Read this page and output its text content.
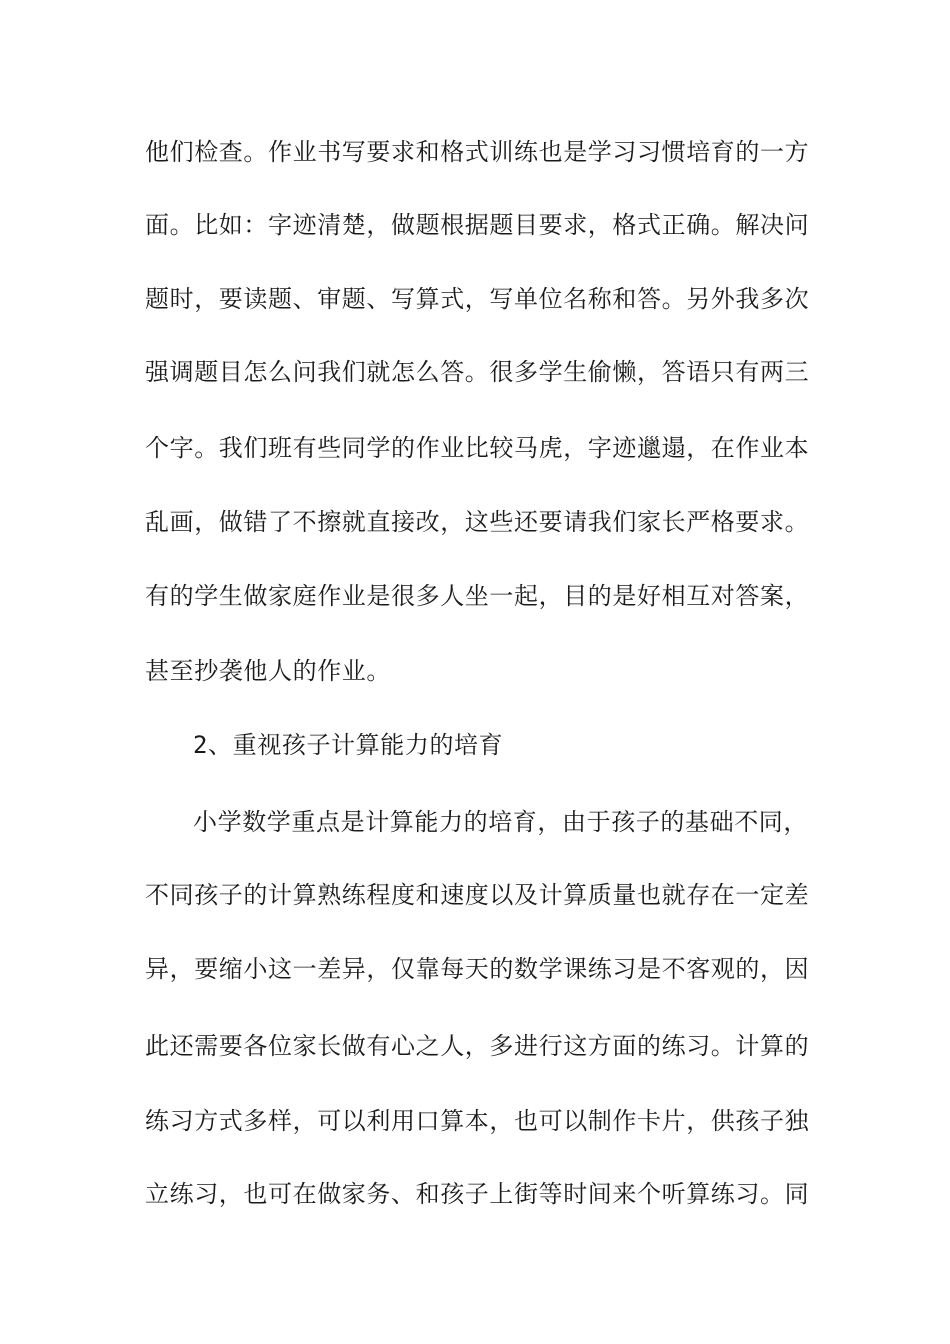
他们检查。作业书写要求和格式训练也是学习习惯培育的一方
面。比如：字迹清楚，做题根据题目要求，格式正确。解决问
题时，要读题、审题、写算式，写单位名称和答。另外我多次
强调题目怎么问我们就怎么答。很多学生偷懒，答语只有两三
个字。我们班有些同学的作业比较马虎，字迹邋遢，在作业本
乱画，做错了不擦就直接改，这些还要请我们家长严格要求。
有的学生做家庭作业是很多人坐一起，目的是好相互对答案，
甚至抄袭他人的作业。
2、重视孩子计算能力的培育
小学数学重点是计算能力的培育，由于孩子的基础不同，
不同孩子的计算熟练程度和速度以及计算质量也就存在一定差
异，要缩小这一差异，仅靠每天的数学课练习是不客观的，因
此还需要各位家长做有心之人，多进行这方面的练习。计算的
练习方式多样，可以利用口算本，也可以制作卡片，供孩子独
立练习，也可在做家务、和孩子上街等时间来个听算练习。同
